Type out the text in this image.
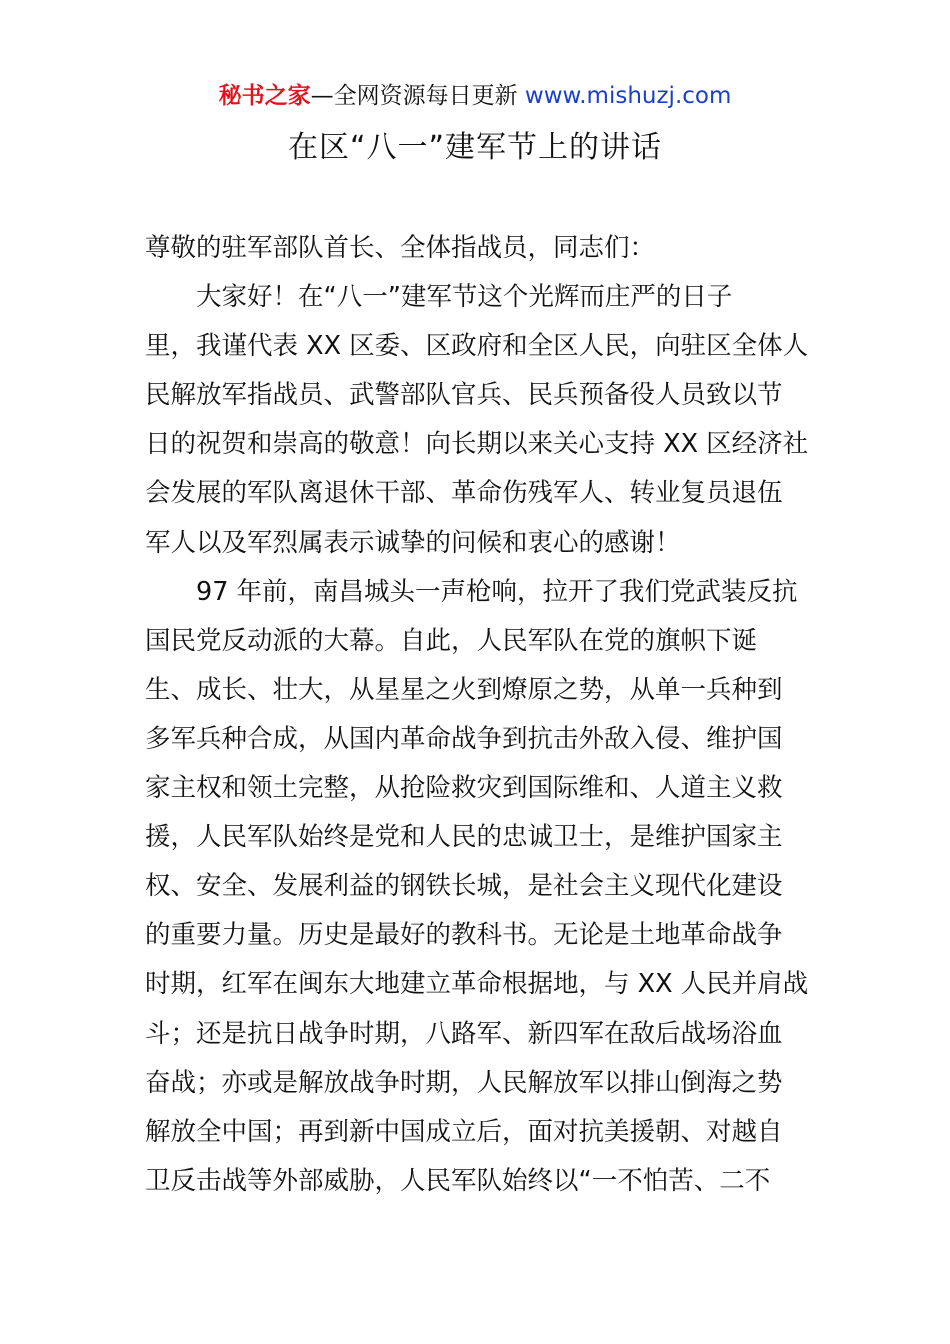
秘书之家—全网资源每日更新 www.mishuzj.com
在区“八一”建军节上的讲话
尊敬的驻军部队首长、全体指战员，同志们：
大家好！在“八一”建军节这个光辉而庄严的日子
里，我谨代表 XX 区委、区政府和全区人民，向驻区全体人
民解放军指战员、武警部队官兵、民兵预备役人员致以节
日的祝贺和崇高的敬意！向长期以来关心支持 XX 区经济社
会发展的军队离退休干部、革命伤残军人、转业复员退伍
军人以及军烈属表示诚挚的问候和衷心的感谢！
97 年前，南昌城头一声枪响，拉开了我们党武装反抗
国民党反动派的大幕。自此，人民军队在党的旗帜下诞
生、成长、壮大，从星星之火到燎原之势，从单一兵种到
多军兵种合成，从国内革命战争到抗击外敌入侵、维护国
家主权和领土完整，从抢险救灾到国际维和、人道主义救
援，人民军队始终是党和人民的忠诚卫士，是维护国家主
权、安全、发展利益的钢铁长城，是社会主义现代化建设
的重要力量。历史是最好的教科书。无论是土地革命战争
时期，红军在闽东大地建立革命根据地，与 XX 人民并肩战
斗；还是抗日战争时期，八路军、新四军在敌后战场浴血
奋战；亦或是解放战争时期，人民解放军以排山倒海之势
解放全中国；再到新中国成立后，面对抗美援朝、对越自
卫反击战等外部威胁，人民军队始终以“一不怕苦、二不
